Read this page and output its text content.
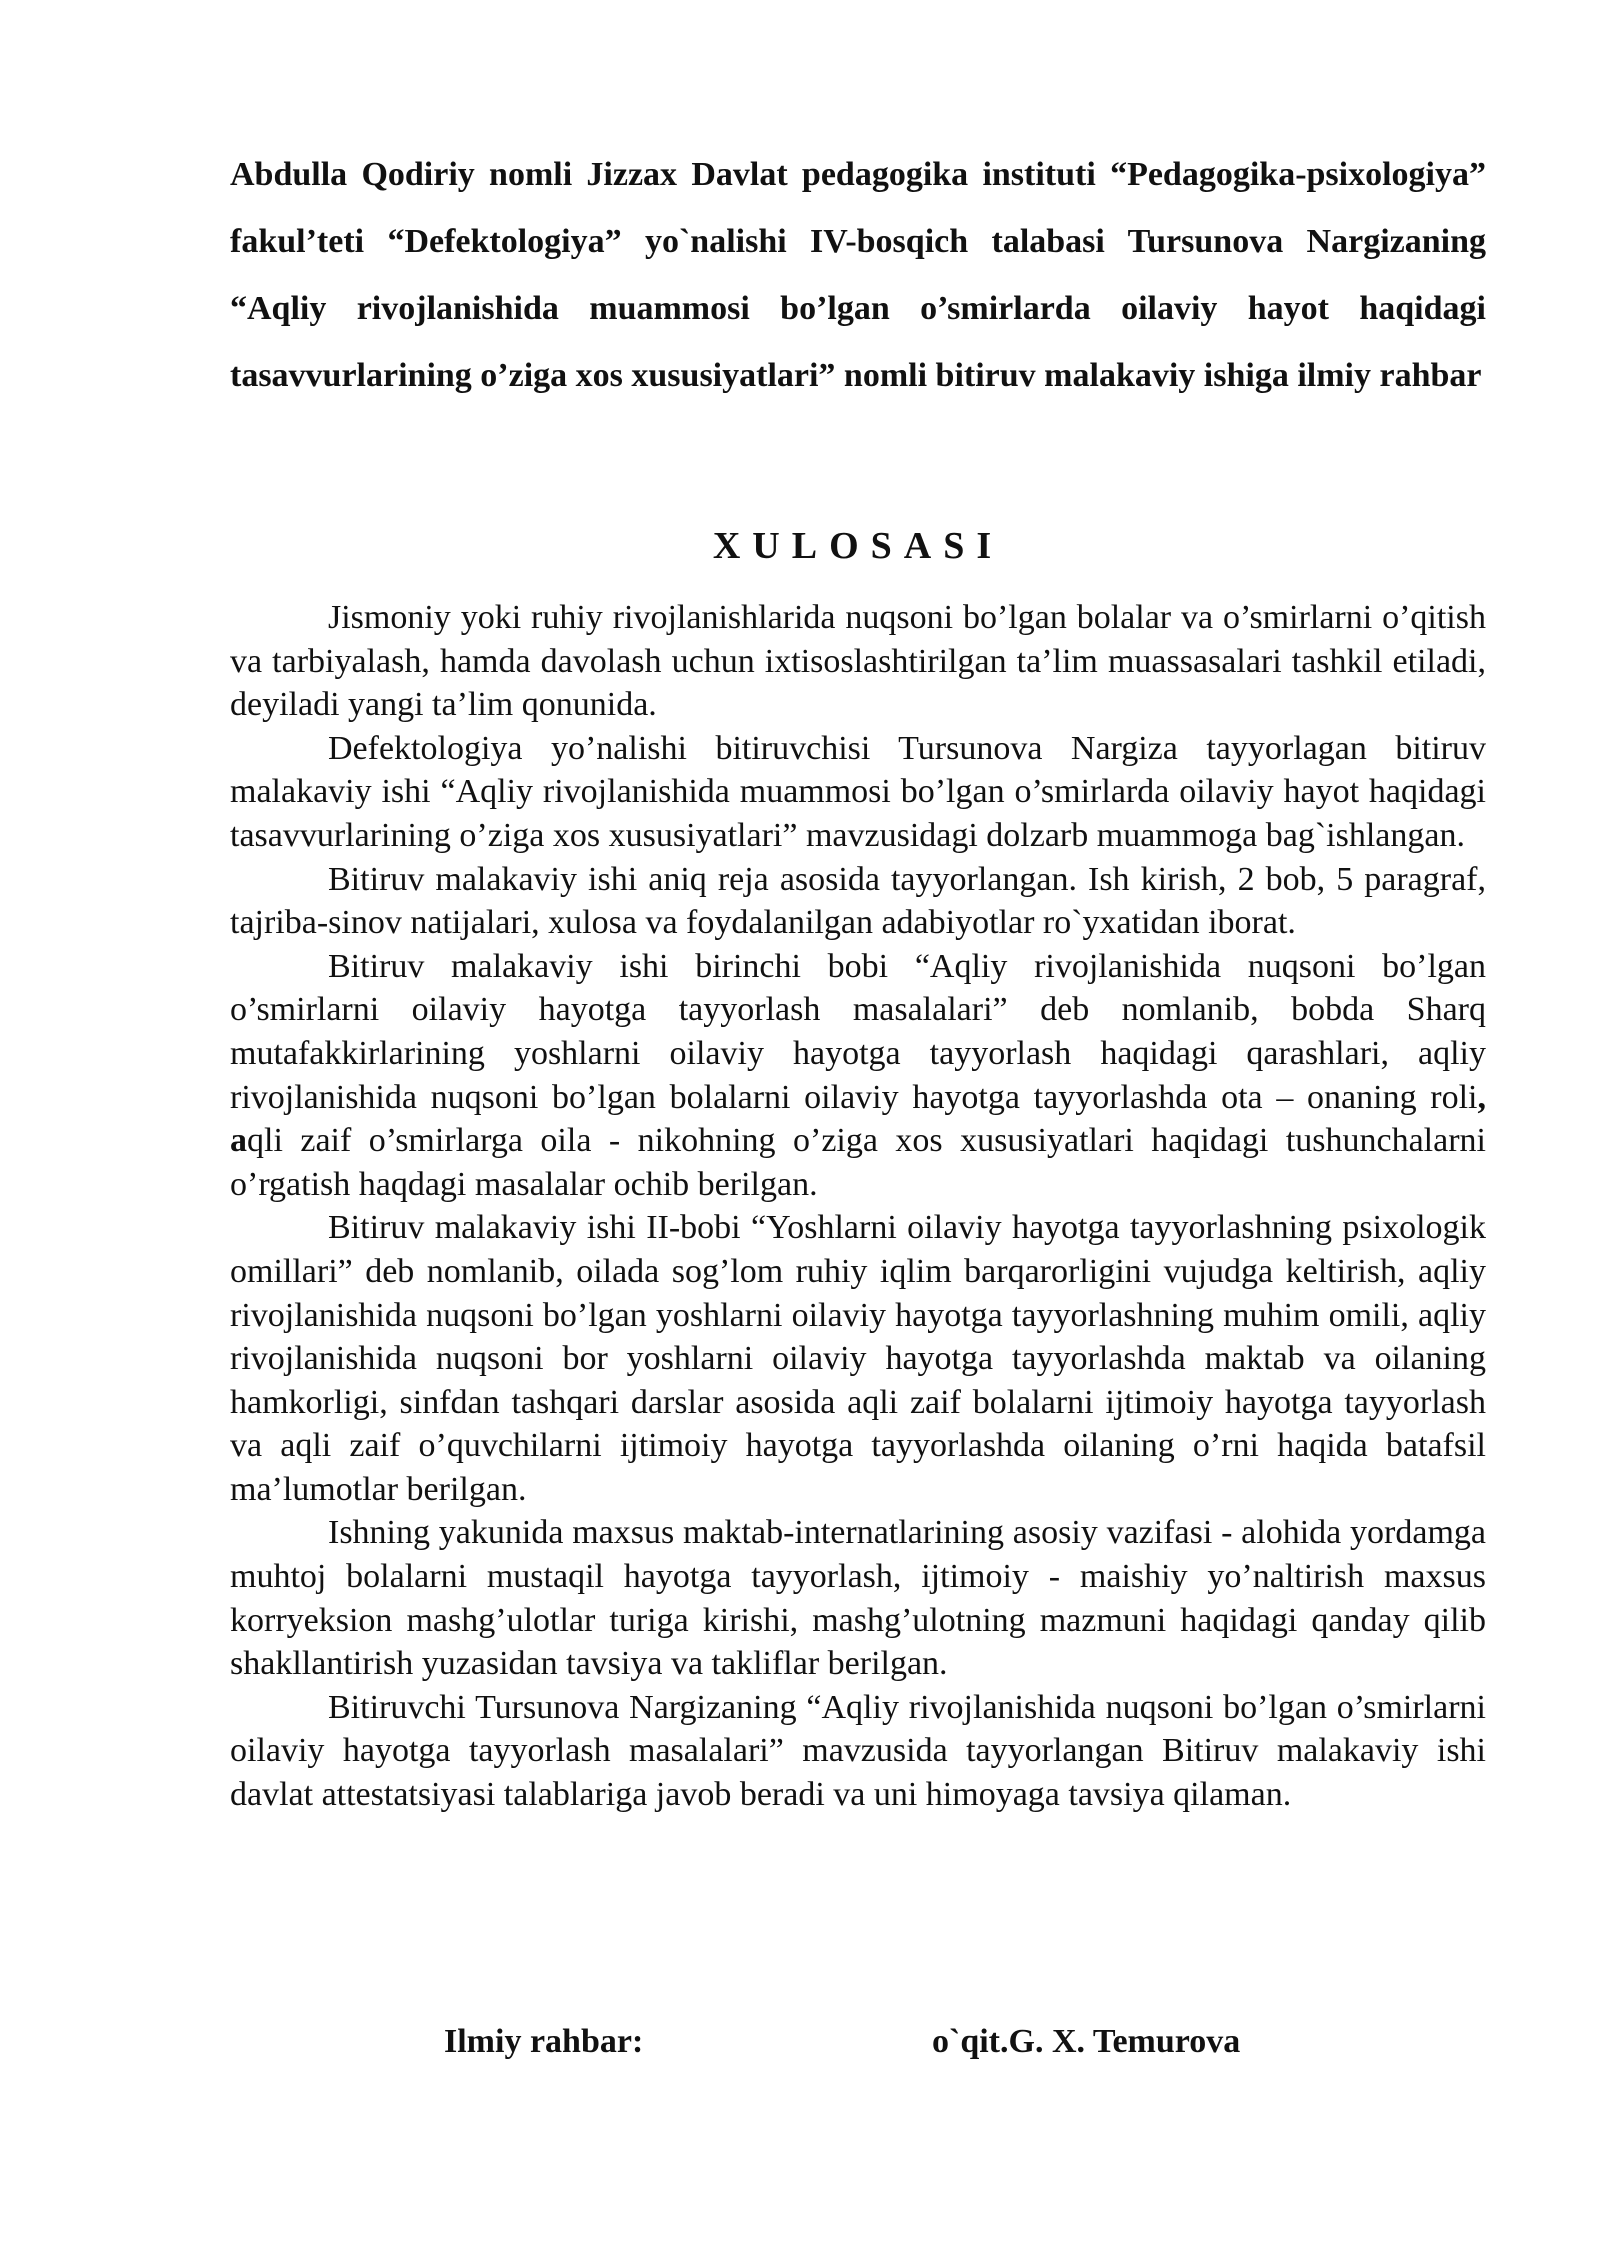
Abdulla Qodiriy nomli Jizzax Davlat pedagogika instituti “Pedagogika-psixologiya” fakul’teti “Defektologiya” yo`nalishi IV-bosqich talabasi Tursunova Nargizaning “Aqliy rivojlanishida muammosi bo’lgan o’smirlarda oilaviy hayot haqidagi tasavvurlarining o’ziga xos xususiyatlari” nomli bitiruv malakaviy ishiga ilmiy rahbar

XULOSASI

Jismoniy yoki ruhiy rivojlanishlarida nuqsoni bo’lgan bolalar va o’smirlarni o’qitish va tarbiyalash, hamda davolash uchun ixtisoslashtirilgan ta’lim muassasalari tashkil etiladi, deyiladi yangi ta’lim qonunida.

Defektologiya yo’nalishi bitiruvchisi Tursunova Nargiza tayyorlagan bitiruv malakaviy ishi “Aqliy rivojlanishida muammosi bo’lgan o’smirlarda oilaviy hayot haqidagi tasavvurlarining o’ziga xos xususiyatlari” mavzusidagi dolzarb muammoga bag`ishlangan.

Bitiruv malakaviy ishi aniq reja asosida tayyorlangan. Ish kirish, 2 bob, 5 paragraf, tajriba-sinov natijalari, xulosa va foydalanilgan adabiyotlar ro`yxatidan iborat.

Bitiruv malakaviy ishi birinchi bobi “Aqliy rivojlanishida nuqsoni bo’lgan o’smirlarni oilaviy hayotga tayyorlash masalalari” deb nomlanib, bobda Sharq mutafakkirlarining yoshlarni oilaviy hayotga tayyorlash haqidagi qarashlari, aqliy rivojlanishida nuqsoni bo’lgan bolalarni oilaviy hayotga tayyorlashda ota – onaning roli, aqli zaif o’smirlarga oila - nikohning o’ziga xos xususiyatlari haqidagi tushunchalarni o’rgatish haqdagi masalalar ochib berilgan.

Bitiruv malakaviy ishi II-bobi “Yoshlarni oilaviy hayotga tayyorlashning psixologik omillari” deb nomlanib, oilada sog’lom ruhiy iqlim barqarorligini vujudga keltirish, aqliy rivojlanishida nuqsoni bo’lgan yoshlarni oilaviy hayotga tayyorlashning muhim omili, aqliy rivojlanishida nuqsoni bor yoshlarni oilaviy hayotga tayyorlashda maktab va oilaning hamkorligi, sinfdan tashqari darslar asosida aqli zaif bolalarni ijtimoiy hayotga tayyorlash va aqli zaif o’quvchilarni ijtimoiy hayotga tayyorlashda oilaning o’rni haqida batafsil ma’lumotlar berilgan.

Ishning yakunida maxsus maktab-internatlarining asosiy vazifasi - alohida yordamga muhtoj bolalarni mustaqil hayotga tayyorlash, ijtimoiy - maishiy yo’naltirish maxsus korryeksion mashg’ulotlar turiga kirishi, mashg’ulotning mazmuni haqidagi qanday qilib shakllantirish yuzasidan tavsiya va takliflar berilgan.

Bitiruvchi Tursunova Nargizaning “Aqliy rivojlanishida nuqsoni bo’lgan o’smirlarni oilaviy hayotga tayyorlash masalalari” mavzusida tayyorlangan Bitiruv malakaviy ishi davlat attestatsiyasi talablariga javob beradi va uni himoyaga tavsiya qilaman.

Ilmiy rahbar:	o`qit.G. X. Temurova
